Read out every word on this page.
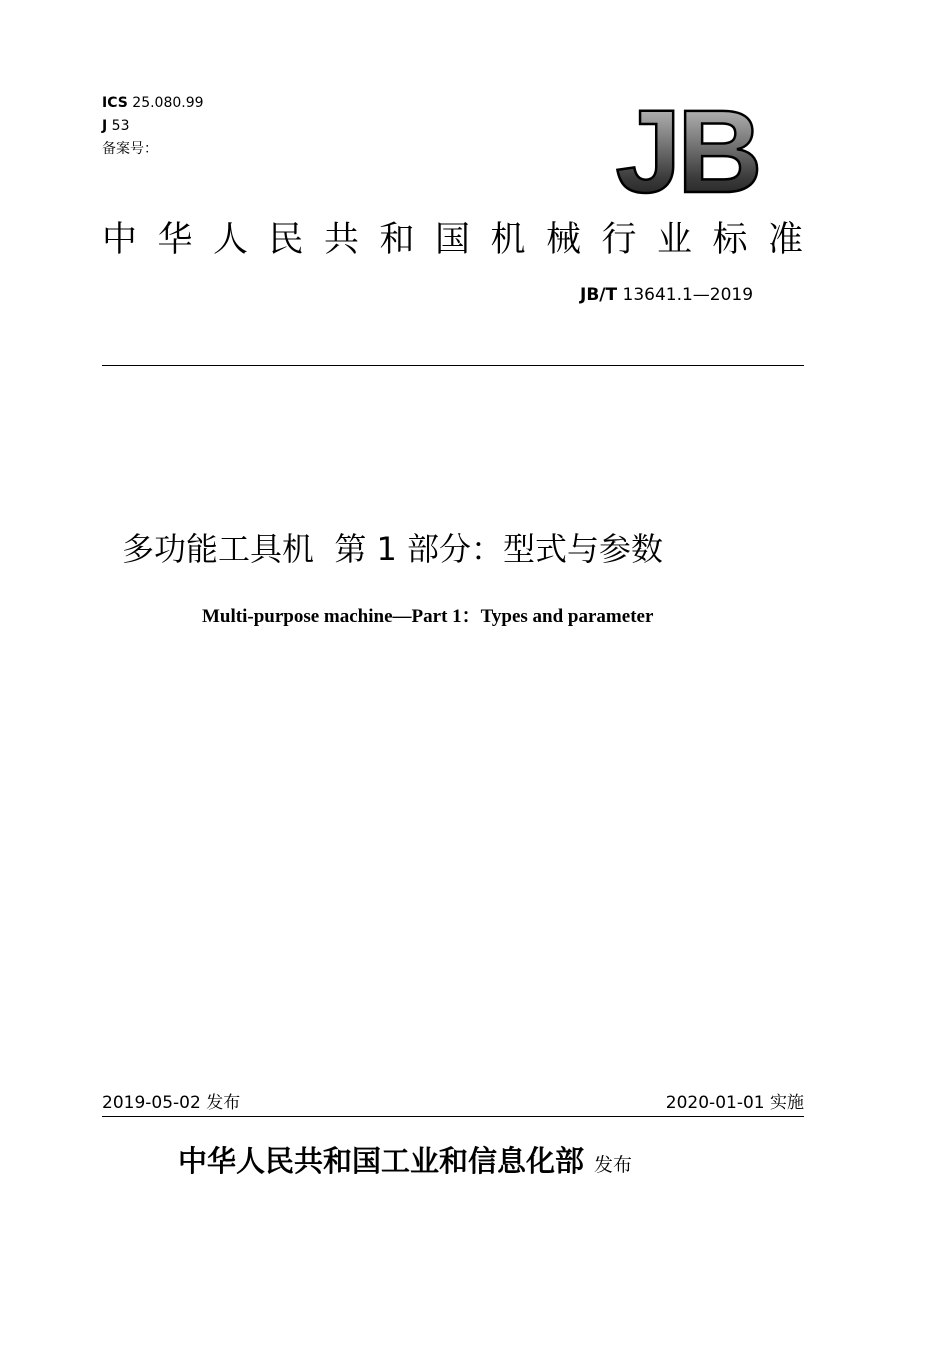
ICS 25.080.99
J 53
备案号：	JB
中华人民共和国机械行业标准
JB/T 13641.1—2019
多功能工具机  第 1 部分：型式与参数
Multi-purpose machine—Part 1：Types and parameter
2019-05-02 发布	2020-01-01 实施
中华人民共和国工业和信息化部 发布
